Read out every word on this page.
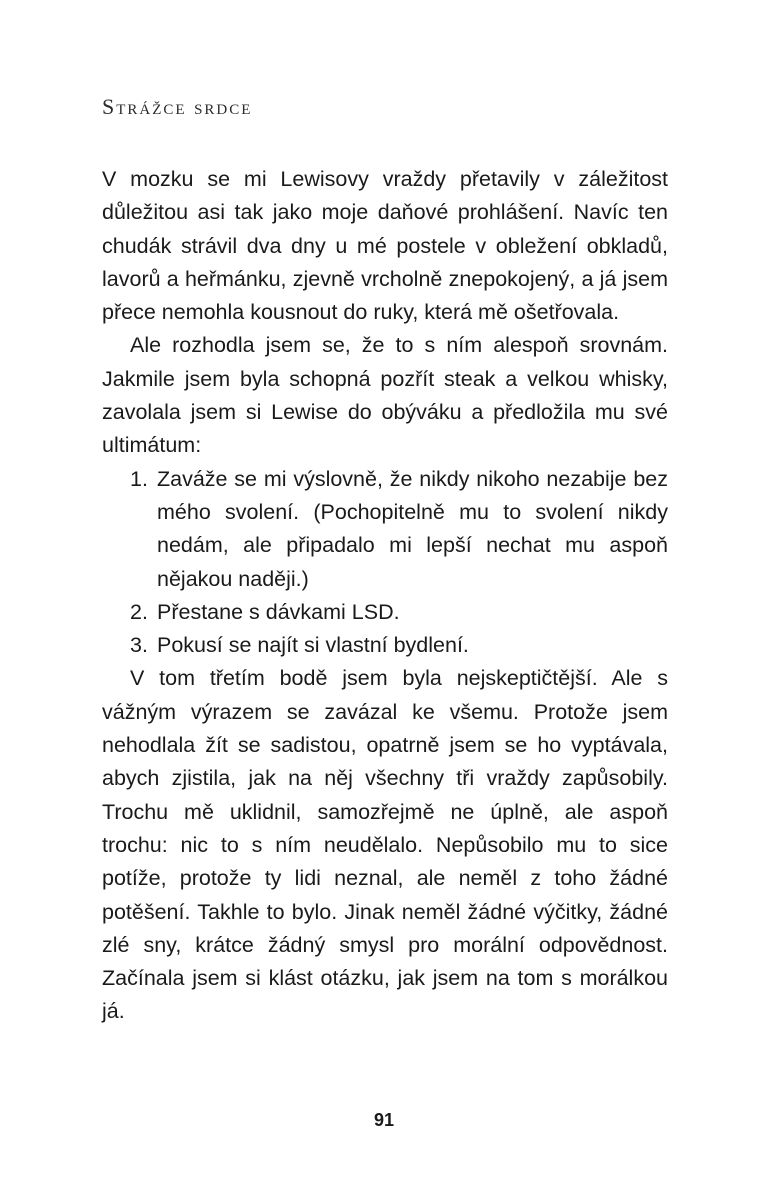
Strážce srdce

V mozku se mi Lewisovy vraždy přetavily v záležitost důležitou asi tak jako moje daňové prohlášení. Navíc ten chudák strávil dva dny u mé postele v obležení obkladů, lavorů a heřmánku, zjevně vrcholně znepokojený, a já jsem přece nemohla kousnout do ruky, která mě ošetřovala.

Ale rozhodla jsem se, že to s ním alespoň srovnám. Jakmile jsem byla schopná pozřít steak a velkou whisky, zavolala jsem si Lewise do obýváku a předložila mu své ultimátum:

1. Zaváže se mi výslovně, že nikdy nikoho nezabije bez mého svolení. (Pochopitelně mu to svolení nikdy nedám, ale připadalo mi lepší nechat mu aspoň nějakou naději.)
2. Přestane s dávkami LSD.
3. Pokusí se najít si vlastní bydlení.

V tom třetím bodě jsem byla nejskeptičtější. Ale s vážným výrazem se zavázal ke všemu. Protože jsem nehodlala žít se sadistou, opatrně jsem se ho vyptávala, abych zjistila, jak na něj všechny tři vraždy zapůsobily. Trochu mě uklidnil, samozřejmě ne úplně, ale aspoň trochu: nic to s ním neudělalo. Nepůsobilo mu to sice potíže, protože ty lidi neznal, ale neměl z toho žádné potěšení. Takhle to bylo. Jinak neměl žádné výčitky, žádné zlé sny, krátce žádný smysl pro morální odpovědnost. Začínala jsem si klást otázku, jak jsem na tom s morálkou já.

91
